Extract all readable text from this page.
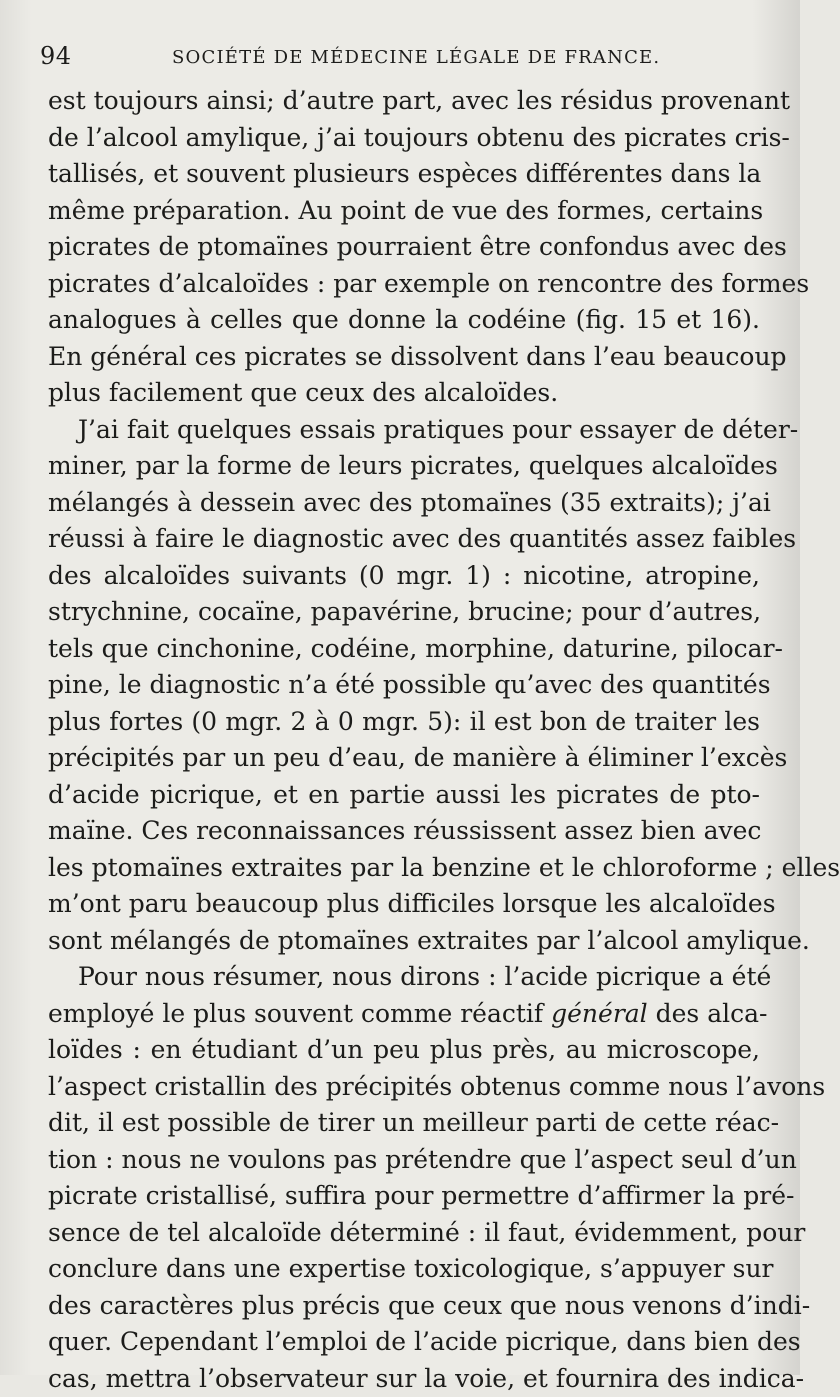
94	SOCIÉTÉ DE MÉDECINE LÉGALE DE FRANCE.
est toujours ainsi; d’autre part, avec les résidus provenant
de l’alcool amylique, j’ai toujours obtenu des picrates cris-
tallisés, et souvent plusieurs espèces différentes dans la
même préparation. Au point de vue des formes, certains
picrates de ptomaïnes pourraient être confondus avec des
picrates d’alcaloïdes : par exemple on rencontre des formes
analogues à celles que donne la codéine (fig. 15 et 16).
En général ces picrates se dissolvent dans l’eau beaucoup
plus facilement que ceux des alcaloïdes.
J’ai fait quelques essais pratiques pour essayer de déter-
miner, par la forme de leurs picrates, quelques alcaloïdes
mélangés à dessein avec des ptomaïnes (35 extraits); j’ai
réussi à faire le diagnostic avec des quantités assez faibles
des alcaloïdes suivants (0 mgr. 1) : nicotine, atropine,
strychnine, cocaïne, papavérine, brucine; pour d’autres,
tels que cinchonine, codéine, morphine, daturine, pilocar-
pine, le diagnostic n’a été possible qu’avec des quantités
plus fortes (0 mgr. 2 à 0 mgr. 5): il est bon de traiter les
précipités par un peu d’eau, de manière à éliminer l’excès
d’acide picrique, et en partie aussi les picrates de pto-
maïne. Ces reconnaissances réussissent assez bien avec
les ptomaïnes extraites par la benzine et le chloroforme ; elles
m’ont paru beaucoup plus difficiles lorsque les alcaloïdes
sont mélangés de ptomaïnes extraites par l’alcool amylique.
Pour nous résumer, nous dirons : l’acide picrique a été
employé le plus souvent comme réactif général des alca-
loïdes : en étudiant d’un peu plus près, au microscope,
l’aspect cristallin des précipités obtenus comme nous l’avons
dit, il est possible de tirer un meilleur parti de cette réac-
tion : nous ne voulons pas prétendre que l’aspect seul d’un
picrate cristallisé, suffira pour permettre d’affirmer la pré-
sence de tel alcaloïde déterminé : il faut, évidemment, pour
conclure dans une expertise toxicologique, s’appuyer sur
des caractères plus précis que ceux que nous venons d’indi-
quer. Cependant l’emploi de l’acide picrique, dans bien des
cas, mettra l’observateur sur la voie, et fournira des indica-
